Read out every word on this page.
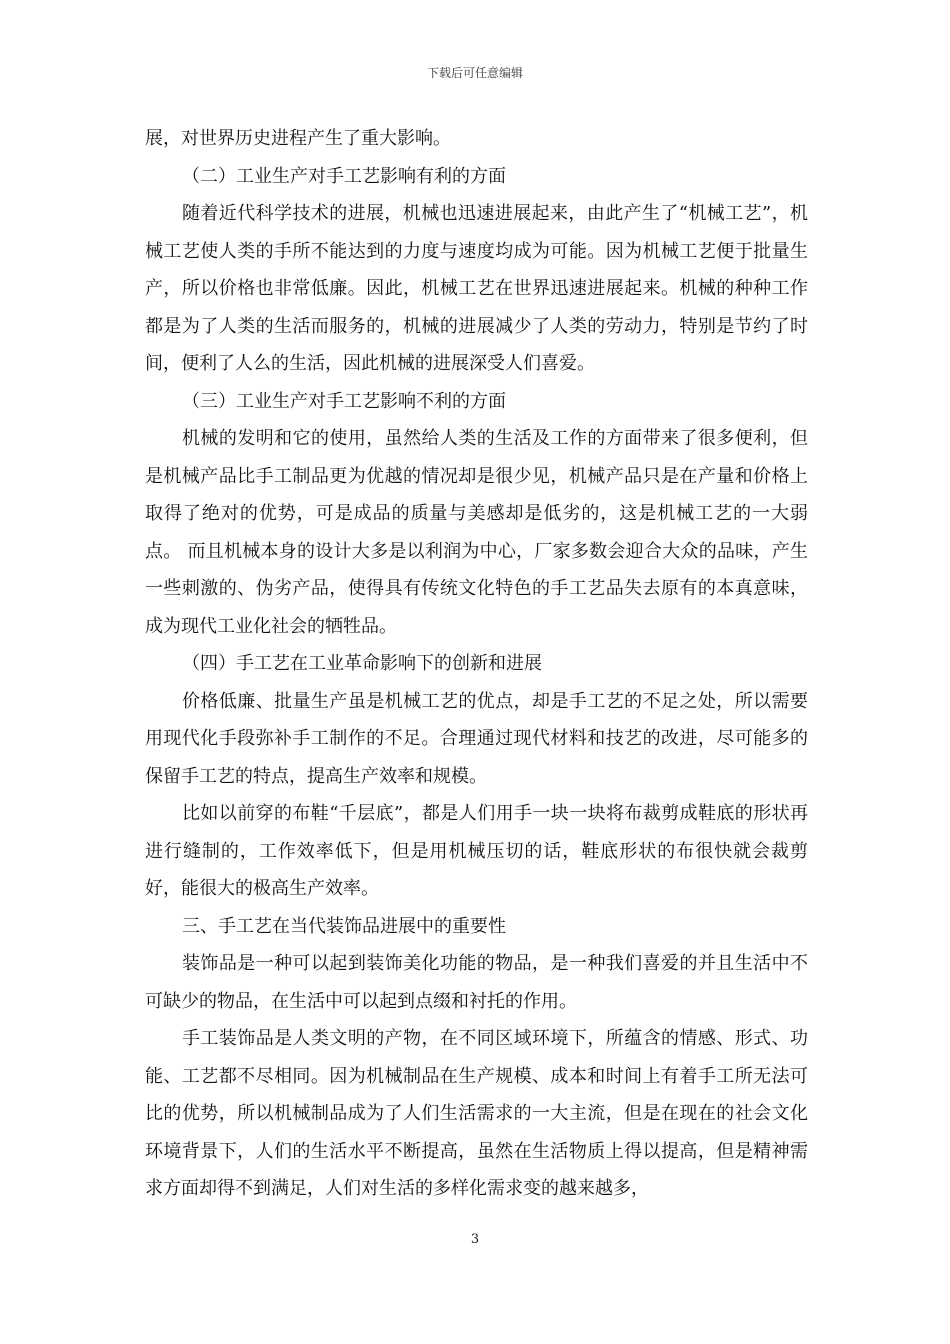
下载后可任意编辑

展，对世界历史进程产生了重大影响。

（二）工业生产对手工艺影响有利的方面

随着近代科学技术的进展，机械也迅速进展起来，由此产生了“机械工艺”，机械工艺使人类的手所不能达到的力度与速度均成为可能。因为机械工艺便于批量生产，所以价格也非常低廉。因此，机械工艺在世界迅速进展起来。机械的种种工作都是为了人类的生活而服务的，机械的进展减少了人类的劳动力，特别是节约了时间，便利了人么的生活，因此机械的进展深受人们喜爱。

（三）工业生产对手工艺影响不利的方面

机械的发明和它的使用，虽然给人类的生活及工作的方面带来了很多便利，但是机械产品比手工制品更为优越的情况却是很少见，机械产品只是在产量和价格上取得了绝对的优势，可是成品的质量与美感却是低劣的，这是机械工艺的一大弱点。 而且机械本身的设计大多是以利润为中心，厂家多数会迎合大众的品味，产生一些刺激的、伪劣产品，使得具有传统文化特色的手工艺品失去原有的本真意味，成为现代工业化社会的牺牲品。

（四）手工艺在工业革命影响下的创新和进展

价格低廉、批量生产虽是机械工艺的优点，却是手工艺的不足之处，所以需要用现代化手段弥补手工制作的不足。合理通过现代材料和技艺的改进，尽可能多的保留手工艺的特点，提高生产效率和规模。

比如以前穿的布鞋“千层底”，都是人们用手一块一块将布裁剪成鞋底的形状再进行缝制的，工作效率低下，但是用机械压切的话，鞋底形状的布很快就会裁剪好，能很大的极高生产效率。

三、手工艺在当代装饰品进展中的重要性

装饰品是一种可以起到装饰美化功能的物品，是一种我们喜爱的并且生活中不可缺少的物品，在生活中可以起到点缀和衬托的作用。

手工装饰品是人类文明的产物，在不同区域环境下，所蕴含的情感、形式、功能、工艺都不尽相同。因为机械制品在生产规模、成本和时间上有着手工所无法可比的优势，所以机械制品成为了人们生活需求的一大主流，但是在现在的社会文化环境背景下，人们的生活水平不断提高，虽然在生活物质上得以提高，但是精神需求方面却得不到满足，人们对生活的多样化需求变的越来越多，

3
